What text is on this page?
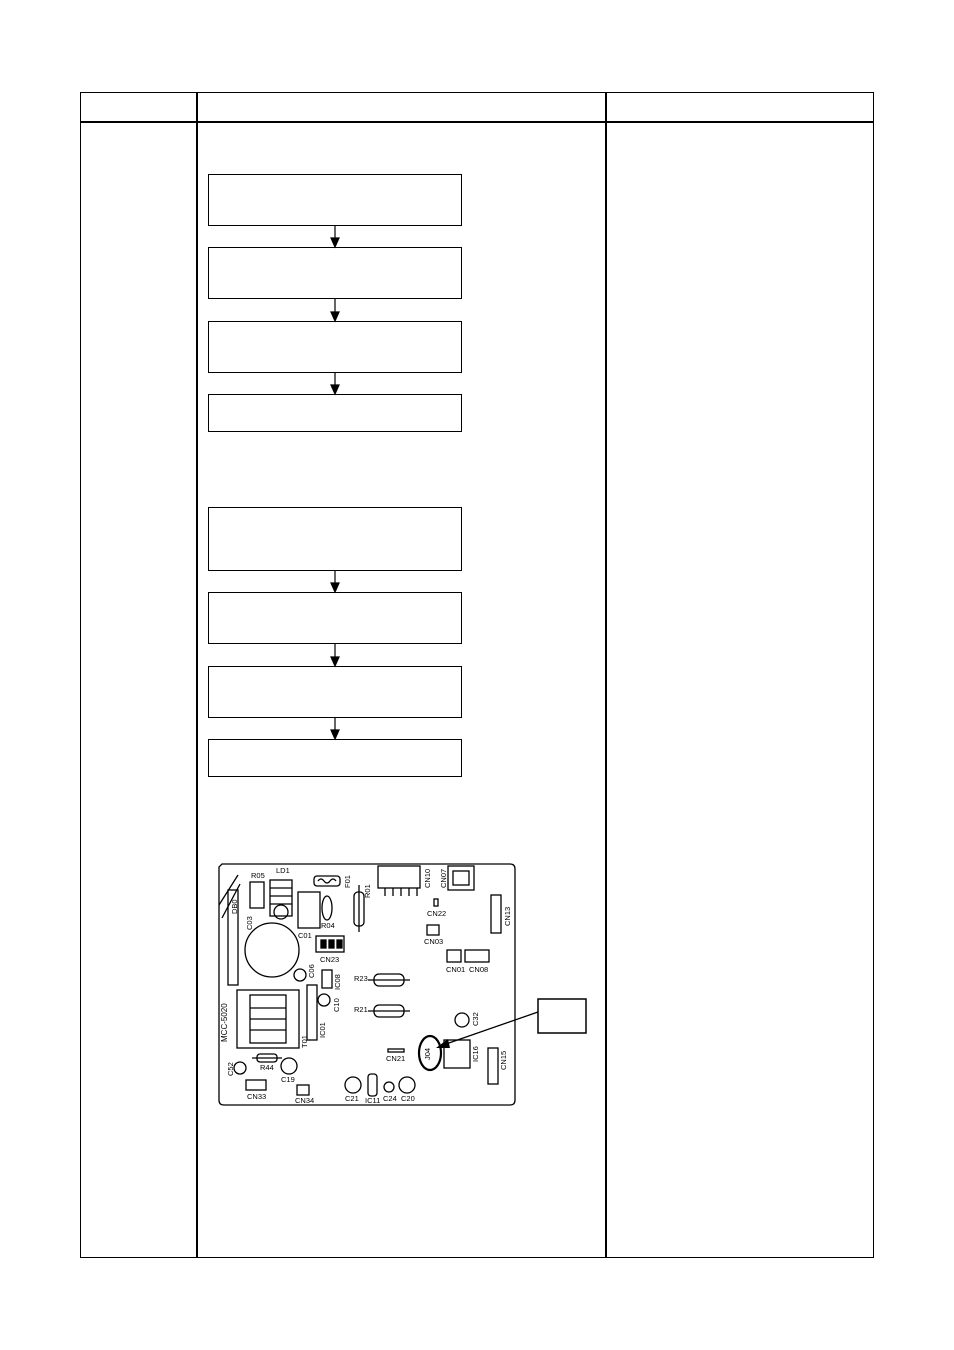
R05
LD1
F01
R01
CN10 CN07
DB0
C03	R04
C01
CN23
CN22	CN13
CN03
CN01 CN08
C06
IC08 R23
C10
IC01
R21
C32
T01
MCC-5020
CN21 J04	IC16	CN15
C52	R44
C19
CN33	CN34	C21 IC11 C24 C20
